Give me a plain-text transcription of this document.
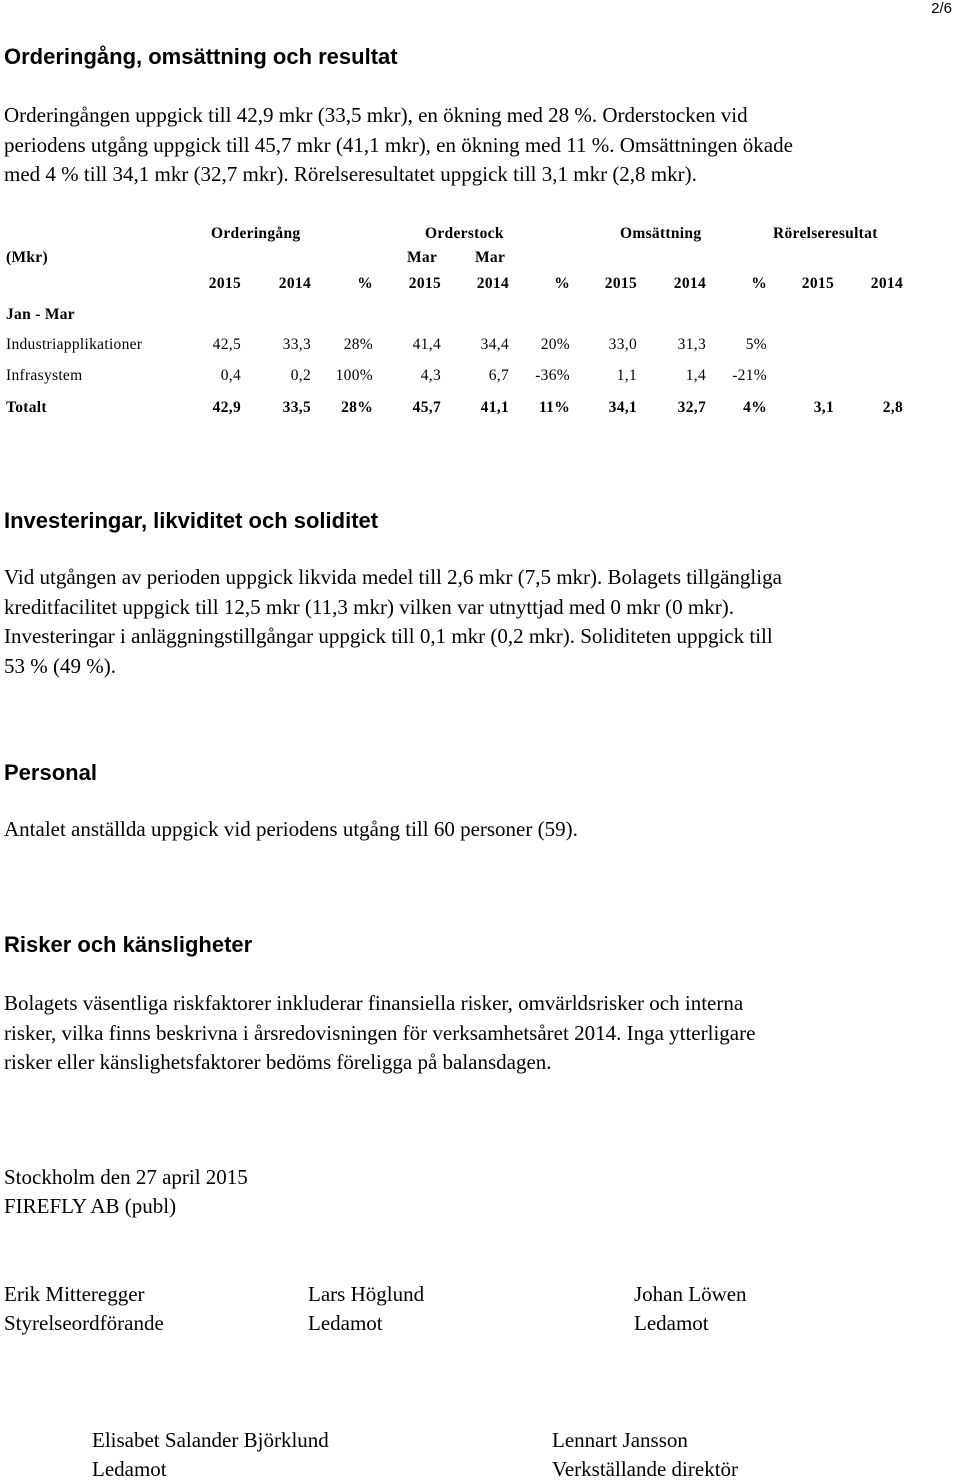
2/6
Orderingång, omsättning och resultat
Orderingången uppgick till 42,9 mkr (33,5 mkr), en ökning med 28 %. Orderstocken vid
periodens utgång uppgick till 45,7 mkr (41,1 mkr), en ökning med 11 %. Omsättningen ökade
med 4 % till 34,1 mkr (32,7 mkr). Rörelseresultatet uppgick till 3,1 mkr (2,8 mkr).
Orderingång	Orderstock	Omsättning	Rörelseresultat
(Mkr)	Mar Mar
2015	2014	%	2015	2014	%	2015	2014	%	2015	2014
Jan - Mar
Industriapplikationer	42,5	33,3	28%	41,4	34,4	20%	33,0	31,3	5%
Infrasystem	0,4	0,2	100%	4,3	6,7	-36%	1,1	1,4	-21%
Totalt	42,9	33,5	28%	45,7	41,1	11%	34,1	32,7	4%	3,1	2,8
Investeringar, likviditet och soliditet
Vid utgången av perioden uppgick likvida medel till 2,6 mkr (7,5 mkr). Bolagets tillgängliga
kreditfacilitet uppgick till 12,5 mkr (11,3 mkr) vilken var utnyttjad med 0 mkr (0 mkr).
Investeringar i anläggningstillgångar uppgick till 0,1 mkr (0,2 mkr). Soliditeten uppgick till
53 % (49 %).
Personal
Antalet anställda uppgick vid periodens utgång till 60 personer (59).
Risker och känsligheter
Bolagets väsentliga riskfaktorer inkluderar finansiella risker, omvärldsrisker och interna
risker, vilka finns beskrivna i årsredovisningen för verksamhetsåret 2014. Inga ytterligare
risker eller känslighetsfaktorer bedöms föreligga på balansdagen.
Stockholm den 27 april 2015
FIREFLY AB (publ)
Erik Mitteregger
Styrelseordförande
Lars Höglund
Ledamot
Johan Löwen
Ledamot
Elisabet Salander Björklund
Ledamot
Lennart Jansson
Verkställande direktör
